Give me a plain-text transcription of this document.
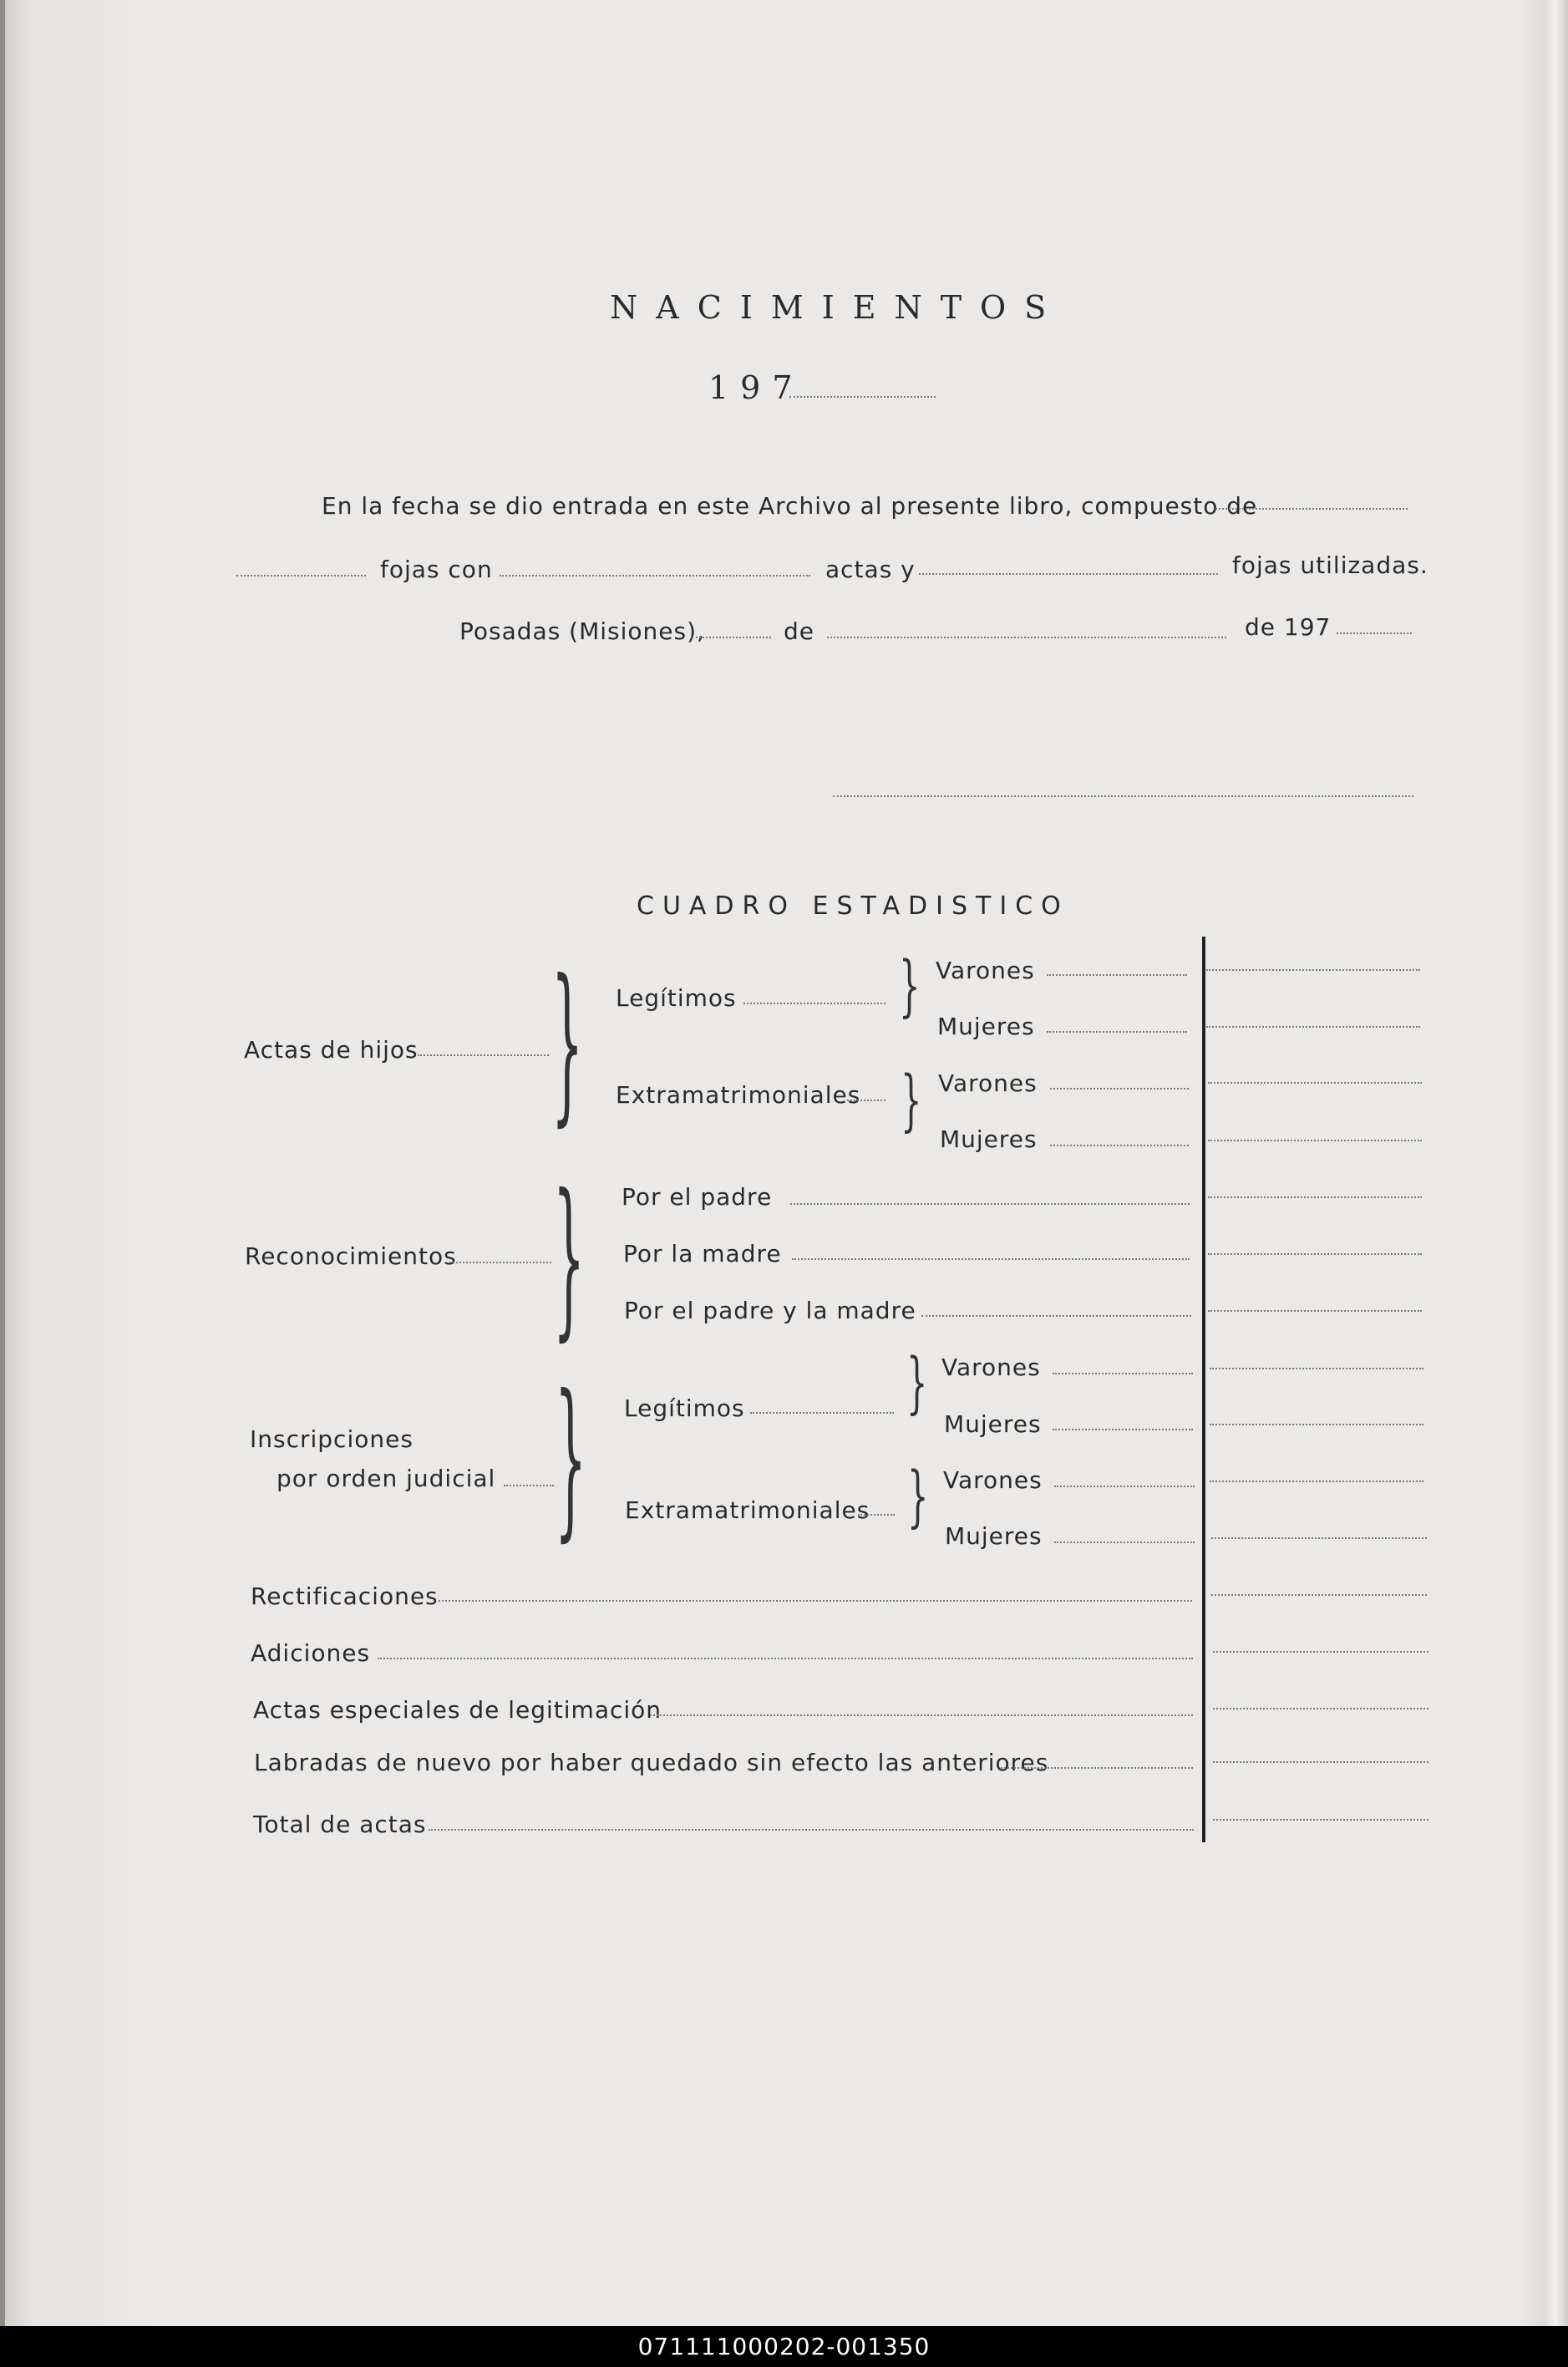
NACIMIENTOS
197
En la fecha se dio entrada en este Archivo al presente libro, compuesto de
fojas con	actas y	fojas utilizadas.
Posadas (Misiones),	de	de 197
CUADRO ESTADISTICO
Actas de hijos	} Legítimos	} Varones
Mujeres
Extramatrimoniales } Varones
Mujeres
Reconocimientos } Por el padre
Por la madre
Por el padre y la madre
Inscripciones
por orden judicial } Legítimos	} Varones
Mujeres
Extramatrimoniales } Varones
Mujeres
Rectificaciones
Adiciones
Actas especiales de legitimación
Labradas de nuevo por haber quedado sin efecto las anteriores
Total de actas
071111000202-001350
